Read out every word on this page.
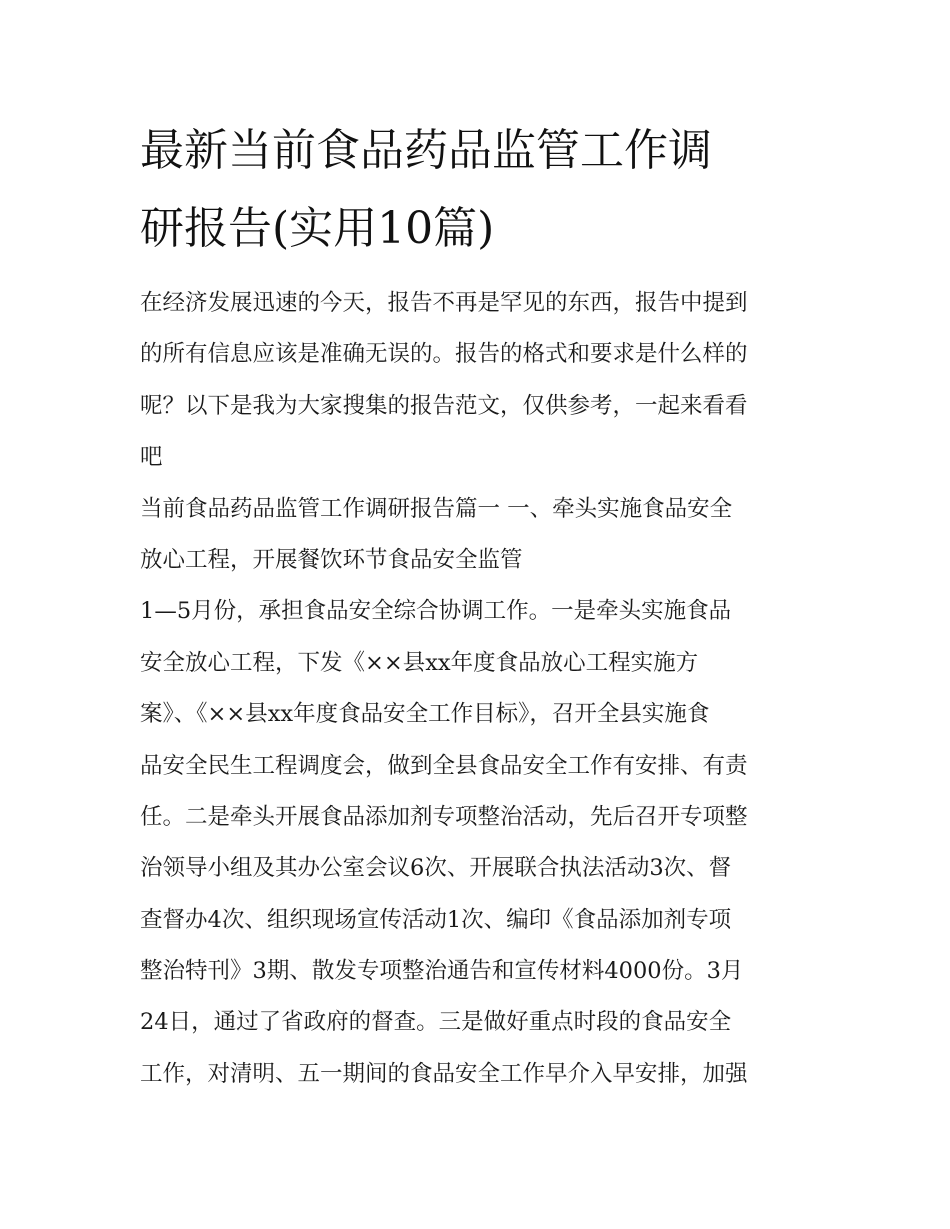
最新当前食品药品监管工作调
研报告(实用10篇)
在经济发展迅速的今天，报告不再是罕见的东西，报告中提到
的所有信息应该是准确无误的。报告的格式和要求是什么样的
呢？以下是我为大家搜集的报告范文，仅供参考，一起来看看
吧
当前食品药品监管工作调研报告篇一 一、牵头实施食品安全
放心工程，开展餐饮环节食品安全监管
1—5月份，承担食品安全综合协调工作。一是牵头实施食品
安全放心工程，下发《××县xx年度食品放心工程实施方
案》、《××县xx年度食品安全工作目标》，召开全县实施食
品安全民生工程调度会，做到全县食品安全工作有安排、有责
任。二是牵头开展食品添加剂专项整治活动，先后召开专项整
治领导小组及其办公室会议6次、开展联合执法活动3次、督
查督办4次、组织现场宣传活动1次、编印《食品添加剂专项
整治特刊》3期、散发专项整治通告和宣传材料4000份。3月
24日，通过了省政府的督查。三是做好重点时段的食品安全
工作，对清明、五一期间的食品安全工作早介入早安排，加强
